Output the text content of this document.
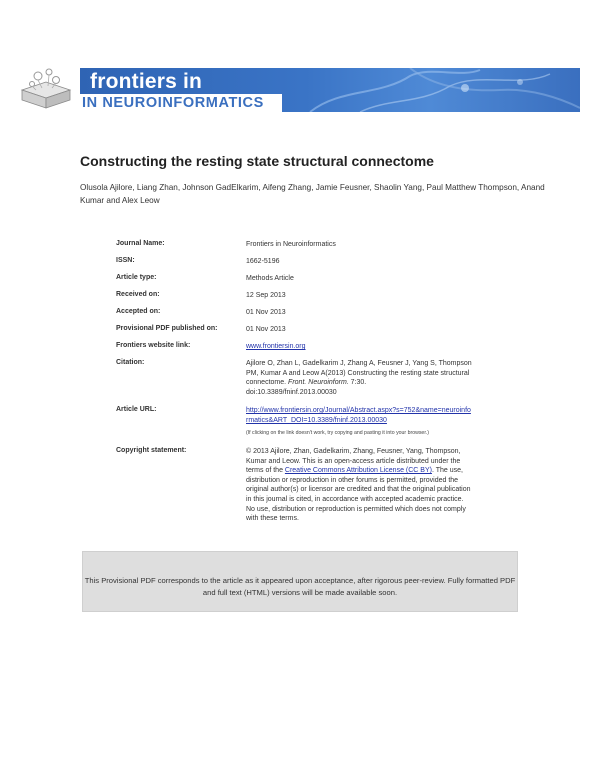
frontiers in
IN NEUROINFORMATICS
Constructing the resting state structural connectome
Olusola Ajilore, Liang Zhan, Johnson GadElkarim, Aifeng Zhang, Jamie Feusner, Shaolin Yang, Paul Matthew Thompson, Anand Kumar and Alex Leow
Journal Name:	Frontiers in Neuroinformatics
ISSN:	1662-5196
Article type:	Methods Article
Received on:	12 Sep 2013
Accepted on:	01 Nov 2013
Provisional PDF published on:	01 Nov 2013
Frontiers website link:	www.frontiersin.org
Citation:	Ajilore O, Zhan L, Gadelkarim J, Zhang A, Feusner J, Yang S, Thompson PM, Kumar A and Leow A(2013) Constructing the resting state structural connectome. Front. Neuroinform. 7:30.
doi:10.3389/fninf.2013.00030
Article URL:	http://www.frontiersin.org/Journal/Abstract.aspx?s=752&name=neuroinformatics&ART_DOI=10.3389/fninf.2013.00030
(If clicking on the link doesn't work, try copying and pasting it into your browser.)
Copyright statement:	© 2013 Ajilore, Zhan, Gadelkarim, Zhang, Feusner, Yang, Thompson, Kumar and Leow. This is an open-access article distributed under the terms of the Creative Commons Attribution License (CC BY). The use, distribution or reproduction in other forums is permitted, provided the original author(s) or licensor are credited and that the original publication in this journal is cited, in accordance with accepted academic practice. No use, distribution or reproduction is permitted which does not comply with these terms.
This Provisional PDF corresponds to the article as it appeared upon acceptance, after rigorous peer-review. Fully formatted PDF and full text (HTML) versions will be made available soon.
